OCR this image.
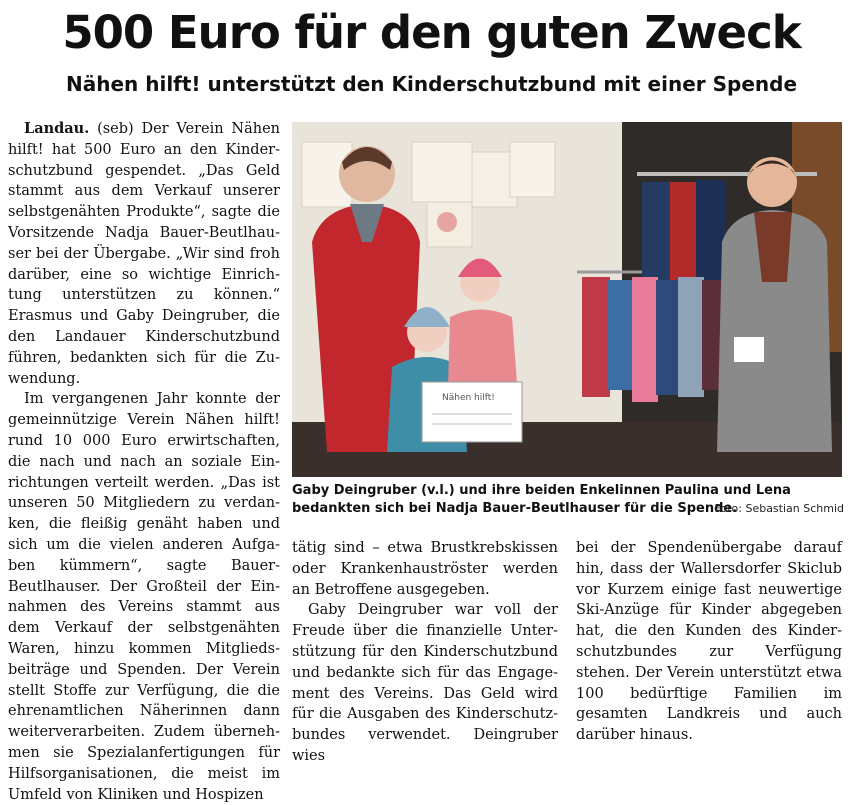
500 Euro für den guten Zweck
Nähen hilft! unterstützt den Kinderschutzbund mit einer Spende

Landau. (seb) Der Verein Nähen hilft! hat 500 Euro an den Kinderschutzbund gespendet. „Das Geld stammt aus dem Verkauf unserer selbstgenähten Produkte“, sagte die Vorsitzende Nadja Bauer-Beutlhauser bei der Übergabe. „Wir sind froh darüber, eine so wichtige Einrichtung unterstützen zu können.“ Erasmus und Gaby Deingruber, die den Landauer Kinderschutzbund führen, bedankten sich für die Zuwendung.

Im vergangenen Jahr konnte der gemeinnützige Verein Nähen hilft! rund 10 000 Euro erwirtschaften, die nach und nach an soziale Einrichtungen verteilt werden. „Das ist unseren 50 Mitgliedern zu verdanken, die fleißig genäht haben und sich um die vielen anderen Aufgaben kümmern“, sagte Bauer-Beutlhauser. Der Großteil der Einnahmen des Vereins stammt aus dem Verkauf der selbstgenähten Waren, hinzu kommen Mitgliedsbeiträge und Spenden. Der Verein stellt Stoffe zur Verfügung, die die ehrenamtlichen Näherinnen dann weiterverarbeiten. Zudem übernehmen sie Spezialanfertigungen für Hilfsorganisationen, die meist im Umfeld von Kliniken und Hospizen

Nähen hilft!
Gaby Deingruber (v.l.) und ihre beiden Enkelinnen Paulina und Lena bedankten sich bei Nadja Bauer-Beutlhauser für die Spende.
Foto: Sebastian Schmid

tätig sind – etwa Brustkrebskissen oder Krankenhauströster werden an Betroffene ausgegeben.

Gaby Deingruber war voll der Freude über die finanzielle Unterstützung für den Kinderschutzbund und bedankte sich für das Engagement des Vereins. Das Geld wird für die Ausgaben des Kinderschutzbundes verwendet. Deingruber wies

bei der Spendenübergabe darauf hin, dass der Wallersdorfer Skiclub vor Kurzem einige fast neuwertige Ski-Anzüge für Kinder abgegeben hat, die den Kunden des Kinderschutzbundes zur Verfügung stehen. Der Verein unterstützt etwa 100 bedürftige Familien im gesamten Landkreis und auch darüber hinaus.
